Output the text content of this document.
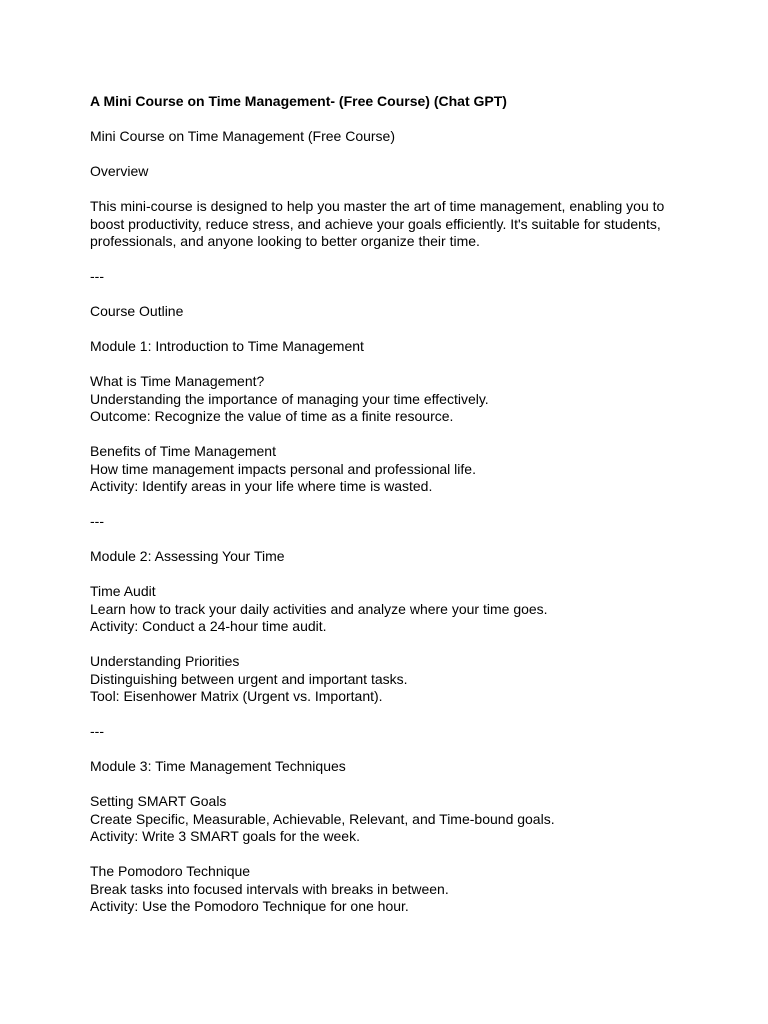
A Mini Course on Time Management- (Free Course) (Chat GPT)

Mini Course on Time Management (Free Course)

Overview

This mini-course is designed to help you master the art of time management, enabling you to boost productivity, reduce stress, and achieve your goals efficiently. It's suitable for students, professionals, and anyone looking to better organize their time.

---

Course Outline

Module 1: Introduction to Time Management

What is Time Management?
Understanding the importance of managing your time effectively.
Outcome: Recognize the value of time as a finite resource.

Benefits of Time Management
How time management impacts personal and professional life.
Activity: Identify areas in your life where time is wasted.

---

Module 2: Assessing Your Time

Time Audit
Learn how to track your daily activities and analyze where your time goes.
Activity: Conduct a 24-hour time audit.

Understanding Priorities
Distinguishing between urgent and important tasks.
Tool: Eisenhower Matrix (Urgent vs. Important).

---

Module 3: Time Management Techniques

Setting SMART Goals
Create Specific, Measurable, Achievable, Relevant, and Time-bound goals.
Activity: Write 3 SMART goals for the week.

The Pomodoro Technique
Break tasks into focused intervals with breaks in between.
Activity: Use the Pomodoro Technique for one hour.
